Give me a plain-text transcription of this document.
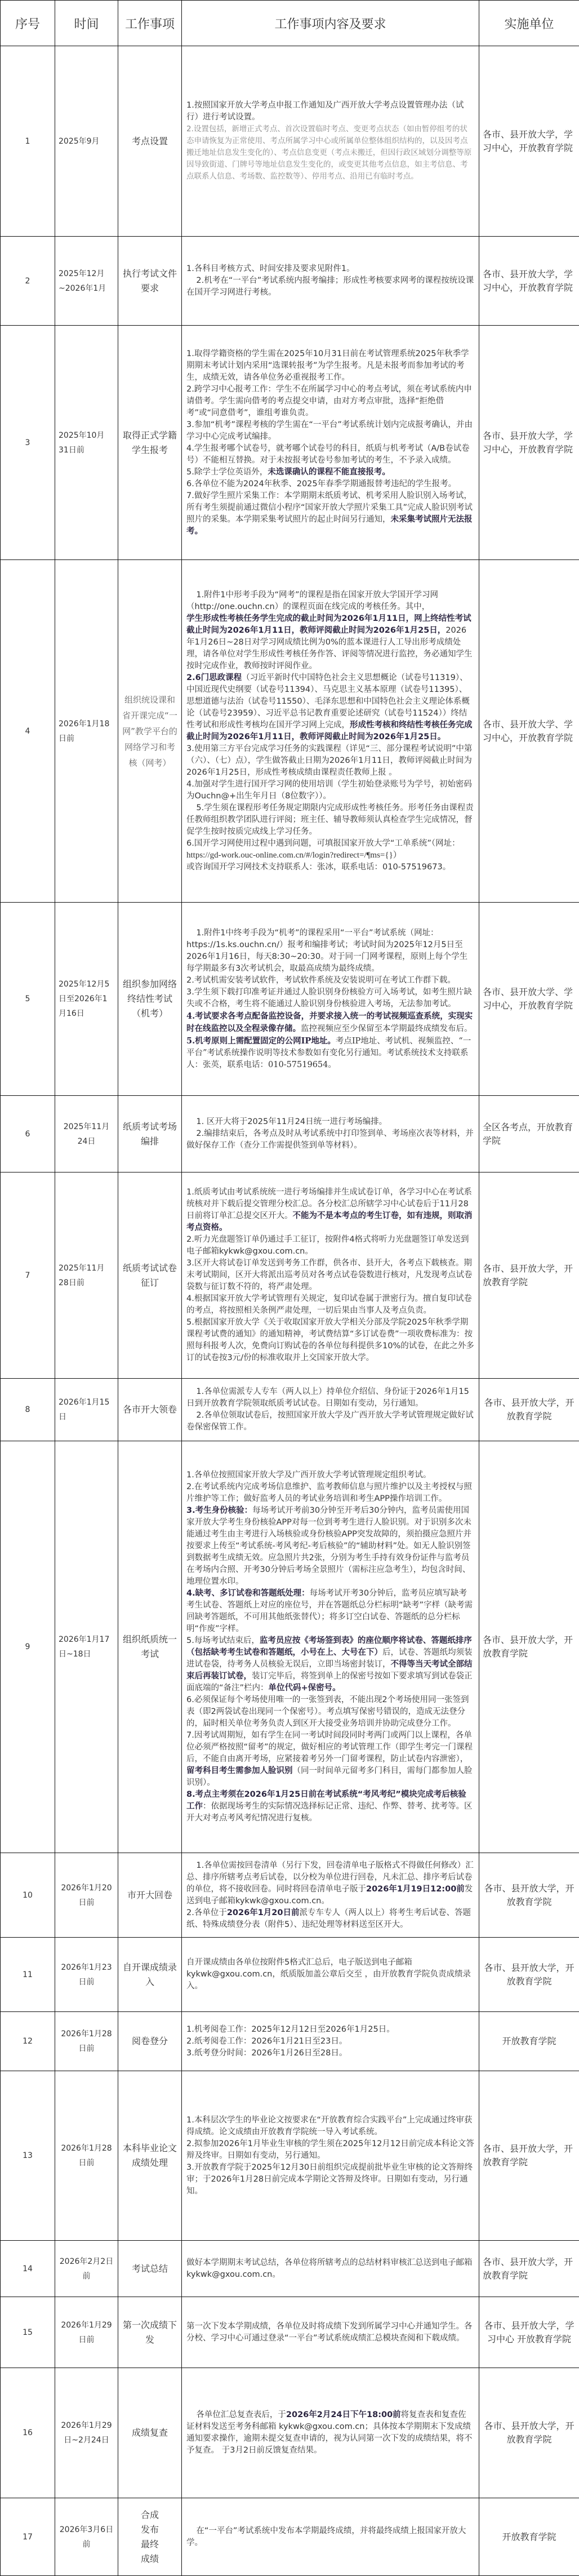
序号	时间	工作事项	工作事项内容及要求	实施单位
1	2025年9月	考点设置	1.按照国家开放大学考点申报工作通知及广西开放大学考点设置管理办法（试行）进行考试设置。

2.设置包括，新增正式考点、首次设置临时考点、变更考点状态（如由暂停组考的状态申请恢复为正常使用、考点所属学习中心或所属单位整体组织结构的，以及因考点搬迁地址信息发生变化的）、考点信息变更（考点未搬迁，但因行政区域划分调整等原因导致街道、门牌号等地址信息发生变化的，或变更其他考点信息，如主考信息、考点联系人信息、考场数、监控数等）、停用考点、沿用已有临时考点。	各市、县开放大学，学习中心，开放教育学院
2	2025年12月~2026年1月	执行考试文件要求	1.各科目考核方式、时间安排及要求见附件1。

2.机考在“一平台”考试系统内报考编排；形成性考核要求网考的课程按统设课在国开学习网进行考核。	各市、县开放大学，学习中心，开放教育学院
3	2025年10月31日前	取得正式学籍学生报考	

1.取得学籍资格的学生需在2025年10月31日前在考试管理系统2025年秋季学期期末考试计划内采用“选课转报考”为学生报考。凡是未报考而参加考试的考生，成绩无效，请各单位务必重视报考工作。

2.跨学习中心报考工作：学生不在所属学习中心的考点考试，须在考试系统内申请借考。学生需向借考的考点提交申请，由对方考点审批，选择“拒绝借考”或“同意借考”，谁组考谁负责。

3.参加“机考”课程考核的学生需在“一平台”考试系统计划内完成报考确认，并由学习中心完成考试编排。

4.学生报考哪个试卷号，就考哪个试卷号的科目，纸质与机考考试（A/B卷试卷号）不能相互替换。对于未按报考试卷号参加考试的考生，不予录入成绩。

5.除学士学位英语外，未选课确认的课程不能直接报考。

6.各单位不能为2024年秋季、2025年春季学期通报替考违纪的学生报考。

7.做好学生照片采集工作：本学期期末纸质考试、机考采用人脸识别入场考试，所有考生须提前通过微信小程序“国家开放大学照片采集工具”完成人脸识别考试照片的采集。本学期采集考试照片的起止时间另行通知，未采集考试照片无法报考。

	各市、县开放大学，学习中心，开放教育学院
4	2026年1月18日前	组织统设课和省开课完成“一网”教学平台的网络学习和考核（网考）	

1.附件1中形考手段为“网考”的课程是指在国家开放大学国开学习网（http://one.ouchn.cn）的课程页面在线完成的考核任务。其中，

学生形成性考核任务学生完成的截止时间为2026年1月11日，网上终结性考试截止时间为2026年1月11日，教师评阅截止时间为2026年1月25日，2026年1月26日~28日对学习网成绩比例为0%的蓝本课进行人工导出形考成绩处理，请各单位对学生形成性考核任务作答、评阅等情况进行监控，务必通知学生按时完成作业，教师按时评阅作业。

2.6门思政课程（习近平新时代中国特色社会主义思想概论（试卷号11319）、中国近现代史纲要（试卷号11394）、马克思主义基本原理（试卷号11395）、思想道德与法治（试卷号11550）、毛泽东思想和中国特色社会主义理论体系概论（试卷号23959）、习近平总书记教育重要论述研究（试卷号11524））终结性考试和形成性考核均在国开学习网上完成，形成性考核和终结性考核任务完成截止时间为2026年1月11日，教师评阅截止时间为2026年1月25日。

3.使用第三方平台完成学习任务的实践课程（详见“三、部分课程考试说明”中第（六）、（七）点），学生做答截止日期为2026年1月11日，教师评阅截止时间为2026年1月25日，形成性考核成绩由课程责任教师上报 。

4.加强对学生进行国开学习网的使用培训（学生初始登录账号为学号，初始密码为Ouchn@+出生年月日（8位数字））。

5.学生须在课程形考任务规定期限内完成形成性考核任务。形考任务由课程责任教师组织教学团队进行评阅；班主任、辅导教师须认真检查学生完成情况，督促学生按时按质完成线上学习任务。

6.国开学习网使用过程中遇到问题，可填报国家开放大学“工单系统”（网址：

https://gd-work.ouc-online.com.cn/#/login?redirect=/¶ms={}）

或咨询国开学习网技术支持联系人：张冰，联系电话：010-57519673。

	各市、县开放大学、学习中心，开放教育学院
5	2025年12月5日至2026年1月16日	组织参加网络终结性考试（机考）	1.附件1中终考手段为“机考”的课程采用“一平台”考试系统（网址：https://1s.ks.ouchn.cn/）报考和编排考试；考试时间为2025年12月5日至2026年1月16日，每天8:30~20:30。对于同一门网考课程，原则上每个学生每学期最多有3次考试机会，取最高成绩为最终成绩。

2.考试机需安装考试软件，考试软件系统及安装说明可在考试工作群下载。

3.学生须下载打印准考证并通过人脸识别身份核验方可入场考试，如考生照片缺失或不合格，考生将不能通过人脸识别身份核验进入考场，无法参加考试。

4.考试要求各考点配备监控设备，并要求接入统一的考试视频巡查系统，实现实时在线监控以及全程录像存储。监控视频应至少保留至本学期最终成绩发布后。

5.机考原则上需配置固定的公网IP地址。考点IP地址、考试机、视频监控、“一平台”考试系统操作说明等技术参数如有变化另行通知。考试系统技术支持联系人：张英，联系电话：010-57519654。	各市、县开放大学、学习中心，开放教育学院
6	2025年11月24日	纸质考试考场编排	1. 区开大将于2025年11月24日统一进行考场编排。

2.编排结束后，各考点及时从考试系统中打印签到单、考场座次表等材料，并做好保存工作（查分工作需提供签到单等材料）。	全区各考点，开放教育学院
7	2025年11月28日前	纸质考试试卷征订	1.纸质考试由考试系统统一进行考场编排并生成试卷订单，各学习中心在考试系统核对并下载后提交管理分校汇总。各分校汇总所辖学习中心试卷后于11月28日前将订单汇总提交区开大。不能为不是本考点的考生订卷，如有违规，则取消考点资格。

2.听力光盘题签订单仍通过手工征订，按附件4格式将听力光盘题签订单发送到电子邮箱kykwk@gxou.com.cn。

3.区开大将试卷订单发送到考务工作群，供各市、县开大，各考点下载核查。期末考试期间，区开大将派出巡考员对各考点试卷袋数进行核对，凡发现考点试卷袋数与征订数不符的，将严肃处理。

4.根据国家开放大学考试管理有关规定，复印试卷属于泄密行为。擅自复印试卷的考点，将按照相关条例严肃处理，一切后果由当事人及考点负责。

5.根据国家开放大学《关于收取国家开放大学相关分部及学院2025年秋季学期课程考试费的通知》的通知精神，考试费结算“多订试卷费”一项收费标准为：按照每科报考人次，免费向订购试卷的各单位每科提供多10%的试卷，在此之外多订的试卷按3元/份的标准收取并上交国家开放大学。	各市、县开放大学，开放教育学院
8	2026年1月15日	各市开大领卷	1.各单位需派专人专车（两人以上）持单位介绍信、身份证于2026年1月15日到开放教育学院领取纸质考试试卷。日期如有变动，另行通知。

2.各单位领取试卷后，按照国家开放大学及广西开放大学考试管理规定做好试卷保密保管工作。	各市、县开放大学，开放教育学院
9	2026年1月17日~18日	组织纸质统一考试	

1.各单位按照国家开放大学及广西开放大学考试管理规定组织考试。

2.在考试系统内完成考场信息维护、监考教师信息与照片维护以及主考授权与照片维护等工作；做好监考人员的考试业务培训和考生APP操作培训工作。

3.考生身份核验：每场考试开考前30分钟至开考后30分钟内，监考员需使用国家开放大学考生身份核验APP对每一位到考考生进行人脸识别。对于识别多次未能通过考生由主考进行入场核验或身份核验APP突发故障的，须拍摄应急照片并按要求上传至“考试系统-考风考纪-考后核验”的“辅助材料”处。如无人脸识别签到数据考生成绩无效。应急照片共2张，分别为考生手持有效身份证件与监考员在考场内合照、开考30分钟后考场全景照片（需标注应急考生），均包含时间、地理位置水印。

4.缺考、多订试卷和答题纸处理：每场考试开考30分钟后，监考员应填写缺考考生试卷、答题纸上对应的座位号，并在答题纸总分栏标明“缺考”字样（缺考需回缺考答题纸，不可用其他纸张替代）；将多订空白试卷、答题纸的总分栏标明“作废”字样。

5.每场考试结束后，监考员应按《考场签到表》的座位顺序将试卷、答题纸排序（包括缺考考生试卷和答题纸，小号在上、大号在下）后，试卷、答题纸均须装进试卷袋，待考务人员核验无误后，立即当场密封装订，不得等当天考试全部结束后再装订试卷，装订完毕后，将签到单上的保密号按如下要求填写到试卷袋正面底端的“备注”栏内：单位代码+保密号。

6.必须保证每个考场使用唯一的一张签到表，不能出现2个考场使用同一张签到表（即2两袋试卷出现同一个保密号）。考点填写保密号错误的，造成无法登分的，届时相关单位考务负责人到区开大接受业务培训并协助完成登分工作。

7.因考试周期短，如有学生在同一考试时间段同时考两门或两门以上课程，各单位必须严格按照“留考”的规定，做好相应的考试管理工作（即学生考完一门课程后，不能自由离开考场，应紧接着考另外一门留考课程，防止试卷内容泄密），留考科目考生需参加人脸识别（同一时间单元留考多门科目，需每门都参加人脸识别）。

8.考点主考须在2026年1月25日前在考试系统“考风考纪”模块完成考后核验工作：依据现场考生的实际情况选择标记正常、违纪、作弊、替考、扰考等。区开大对考点考风考纪情况进行复核。

	各市、县开放大学，开放教育学院
10	2026年1月20日前	市开大回卷	1.各单位需按回卷清单（另行下发，回卷清单电子版格式不得做任何修改）汇总、排序所辖考点考后试卷，以分校为单位进行回卷，凡未汇总、排序考后试卷的单位，将不接收回卷。同时将回卷清单电子版于2026年1月19日12:00前发送到电子邮箱kykwk@gxou.com.cn。

2.各单位于2026年1月20日前派专车专人（两人以上）将考生考后试卷、答题纸、特殊成绩登分表（附件5）、违纪处理等材料送至区开大。	各市、县开放大学，开放教育学院
11	2026年1月23日前	自开课成绩录入	自开课成绩由各单位按附件5格式汇总后，电子版送到电子邮箱kykwk@gxou.com.cn，纸质版加盖公章后交至 ，由开放教育学院负责成绩录入。	各市、县开放大学，开放教育学院
12	2026年1月28日前	阅卷登分	1.机考阅卷工作：2025年12月12日至2026年1月25日。

2.纸考阅卷工作：2026年1月21日至23日。

3.纸考登分时间：2026年1月26日至28日。	开放教育学院
13	2026年1月28日前	本科毕业论文成绩处理	1.本科层次学生的毕业论文按要求在“开放教育综合实践平台”上完成通过终审获得成绩。论文成绩由开放教育学院统一导入考试系统。

2.拟参加2026年1月毕业生审核的学生须在2025年12月12日前完成本科论文答辩及终审。日期如有变动，另行通知。

3.开放教育学院于2025年12月30日前组织完成提前批毕业生审核的论文答辩终审；于2026年1月28日前完成本学期论文答辩及终审。日期如有变动，另行通知。	各市、县开放大学，开放教育学院
14	2026年2月2日前	考试总结	做好本学期期末考试总结，各单位将所辖考点的总结材料审核汇总送到电子邮箱kykwk@gxou.com.cn。	各市、县开放大学，开放教育学院
15	2026年1月29日前	第一次成绩下发	第一次下发本学期成绩，各单位及时将成绩下发到所属学习中心并通知学生。各分校、学习中心可通过登录“一平台”考试系统成绩汇总模块查阅和下载成绩。	各市、县开放大学，学习中心 开放教育学院
16	2026年1月29日~2月24日	成绩复查	各单位汇总复查表后，于2026年2月24日下午18:00前将复查表和复查佐证材料发送至考务科邮箱 kykwk@gxou.com.cn；具体按本学期期末下发成绩通知要求操作，逾期未提交复查申请的，视为认同第一次下发的成绩结果，将不予复查。 于3月2日前反馈复查结果。	各市、县开放大学，开放教育学院
17	2026年3月6日前	合成发布最终成绩	在“一平台”考试系统中发布本学期最终成绩，并将最终成绩上报国家开放大学。	开放教育学院
